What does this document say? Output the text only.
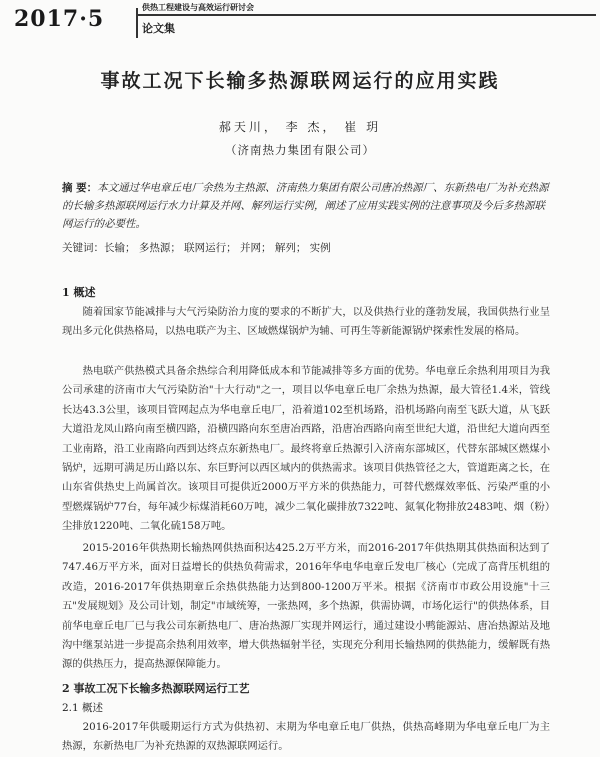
2017·5	供热工程建设与高效运行研讨会
论文集
事故工况下长输多热源联网运行的应用实践
郝天川， 李 杰， 崔 玥
（济南热力集团有限公司）
摘 要：本文通过华电章丘电厂余热为主热源、济南热力集团有限公司唐冶热源厂、东新热电厂为补充热源的长输多热源联网运行水力计算及并网、解列运行实例，阐述了应用实践实例的注意事项及今后多热源联网运行的必要性。
关键词：长输； 多热源； 联网运行； 并网； 解列； 实例
1 概述
随着国家节能减排与大气污染防治力度的要求的不断扩大，以及供热行业的蓬勃发展，我国供热行业呈现出多元化供热格局，以热电联产为主、区域燃煤锅炉为辅、可再生等新能源锅炉探索性发展的格局。
热电联产供热模式具备余热综合利用降低成本和节能减排等多方面的优势。华电章丘余热利用项目为我公司承建的济南市大气污染防治"十大行动"之一，项目以华电章丘电厂余热为热源，最大管径1.4米，管线长达43.3公里，该项目管网起点为华电章丘电厂，沿着道102至机场路，沿机场路向南至飞跃大道，从飞跃大道沿龙凤山路向南至横四路，沿横四路向东至唐冶西路，沿唐冶西路向南至世纪大道，沿世纪大道向西至工业南路，沿工业南路向西到达终点东新热电厂。最终将章丘热源引入济南东部城区，代替东部城区燃煤小锅炉，远期可满足历山路以东、东巨野河以西区域内的供热需求。该项目供热管径之大，管道距离之长，在山东省供热史上尚属首次。该项目可提供近2000万平方米的供热能力，可替代燃煤效率低、污染严重的小型燃煤锅炉77台，每年减少标煤消耗60万吨，减少二氧化碳排放7322吨、氮氧化物排放2483吨、烟（粉）尘排放1220吨、二氧化硫158万吨。
2015-2016年供热期长输热网供热面积达425.2万平方米，而2016-2017年供热期其供热面积达到了747.46万平方米，面对日益增长的供热负荷需求，2016年华电华电章丘发电厂核心（完成了高背压机组的改造，2016-2017年供热期章丘余热供热能力达到800-1200万平米。根据《济南市市政公用设施"十三五"发展规划》及公司计划，制定"市域统筹，一张热网，多个热源，供需协调，市场化运行"的供热体系，目前华电章丘电厂已与我公司东新热电厂、唐冶热源厂实现并网运行，通过建设小鸭能源站、唐冶热源站及地沟中继泵站进一步提高余热利用效率，增大供热辐射半径，实现充分利用长输热网的供热能力，缓解既有热源的供热压力，提高热源保障能力。
2 事故工况下长输多热源联网运行工艺
2.1 概述
2016-2017年供暖期运行方式为供热初、末期为华电章丘电厂供热，供热高峰期为华电章丘电厂为主热源，东新热电厂为补充热源的双热源联网运行。
